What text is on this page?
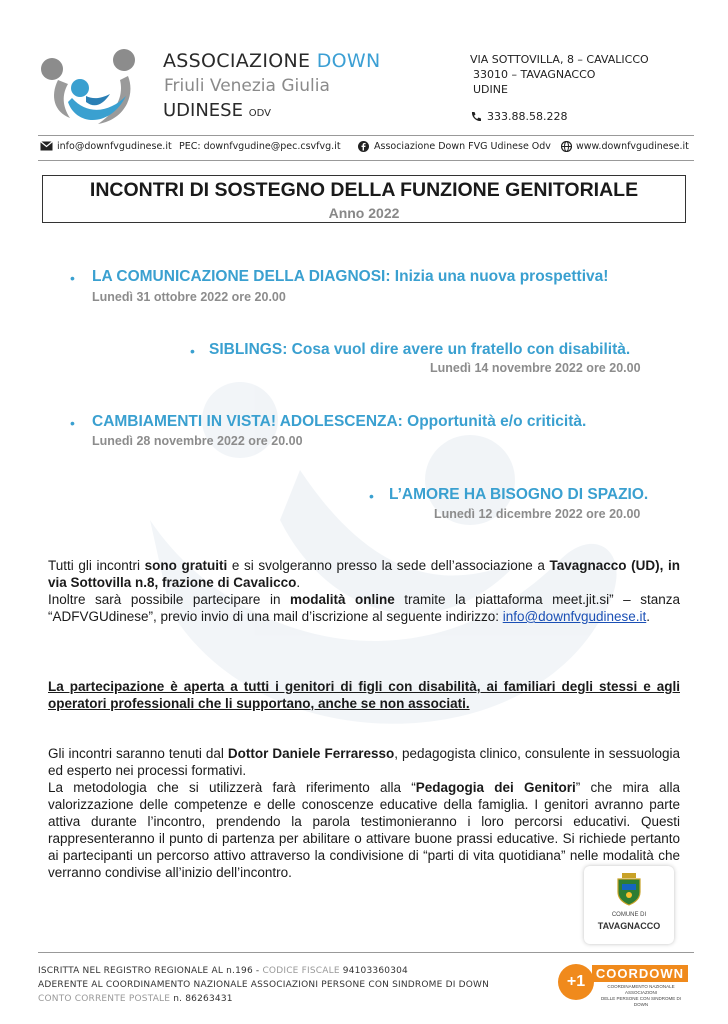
ASSOCIAZIONE DOWN
Friuli Venezia Giulia
UDINESE ODV
VIA SOTTOVILLA, 8 – CAVALICCO
33010 – TAVAGNACCO
UDINE
333.88.58.228
info@downfvgudinese.it PEC: downfvgudine@pec.csvfvg.it	Associazione Down FVG Udinese Odv	www.downfvgudinese.it
INCONTRI DI SOSTEGNO DELLA FUNZIONE GENITORIALE
Anno 2022
• LA COMUNICAZIONE DELLA DIAGNOSI: Inizia una nuova prospettiva!
Lunedì 31 ottobre 2022 ore 20.00
• SIBLINGS: Cosa vuol dire avere un fratello con disabilità.
Lunedì 14 novembre 2022 ore 20.00
• CAMBIAMENTI IN VISTA! ADOLESCENZA: Opportunità e/o criticità.
Lunedì 28 novembre 2022 ore 20.00
• L’AMORE HA BISOGNO DI SPAZIO.
Lunedì 12 dicembre 2022 ore 20.00
Tutti gli incontri sono gratuiti e si svolgeranno presso la sede dell’associazione a Tavagnacco (UD), in via Sottovilla n.8, frazione di Cavalicco.
Inoltre sarà possibile partecipare in modalità online tramite la piattaforma meet.jit.si” – stanza “ADFVGUdinese”, previo invio di una mail d’iscrizione al seguente indirizzo: info@downfvgudinese.it.
La partecipazione è aperta a tutti i genitori di figli con disabilità, ai familiari degli stessi e agli operatori professionali che li supportano, anche se non associati.
Gli incontri saranno tenuti dal Dottor Daniele Ferraresso, pedagogista clinico, consulente in sessuologia ed esperto nei processi formativi.
La metodologia che si utilizzerà farà riferimento alla “Pedagogia dei Genitori” che mira alla valorizzazione delle competenze e delle conoscenze educative della famiglia. I genitori avranno parte attiva durante l’incontro, prendendo la parola testimonieranno i loro percorsi educativi. Questi rappresenteranno il punto di partenza per abilitare o attivare buone prassi educative. Si richiede pertanto ai partecipanti un percorso attivo attraverso la condivisione di “parti di vita quotidiana” nelle modalità che verranno condivise all’inizio dell’incontro.
COMUNE DI
TAVAGNACCO
ISCRITTA NEL REGISTRO REGIONALE AL n.196 - CODICE FISCALE 94103360304
ADERENTE AL COORDINAMENTO NAZIONALE ASSOCIAZIONI PERSONE CON SINDROME DI DOWN
CONTO CORRENTE POSTALE n. 86263431
+1 COORDOWN
COORDINAMENTO NAZIONALE ASSOCIAZIONI
DELLE PERSONE CON SINDROME DI DOWN
